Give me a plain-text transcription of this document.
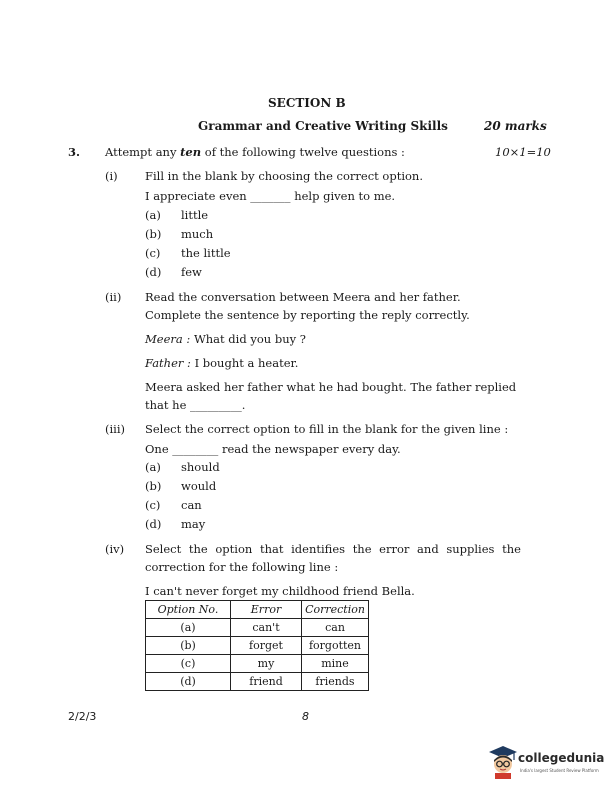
SECTION B
Grammar and Creative Writing Skills	20 marks
3. Attempt any ten of the following twelve questions :	10×1=10
(i) Fill in the blank by choosing the correct option.
I appreciate even _______ help given to me.
(a) little
(b) much
(c) the little
(d) few
(ii) Read the conversation between Meera and her father.
Complete the sentence by reporting the reply correctly.
Meera : What did you buy ?
Father : I bought a heater.
Meera asked her father what he had bought. The father replied
that he _________.
(iii) Select the correct option to fill in the blank for the given line :
One ________ read the newspaper every day.
(a) should
(b) would
(c) can
(d) may
(iv) Select the option that identifies the error and supplies the
correction for the following line :
I can't never forget my childhood friend Bella.
Option No.	Error	Correction
(a)	can't	can
(b)	forget	forgotten
(c)	my	mine
(d)	friend	friends
2/2/3	8
collegedunia
India's largest Student Review Platform
